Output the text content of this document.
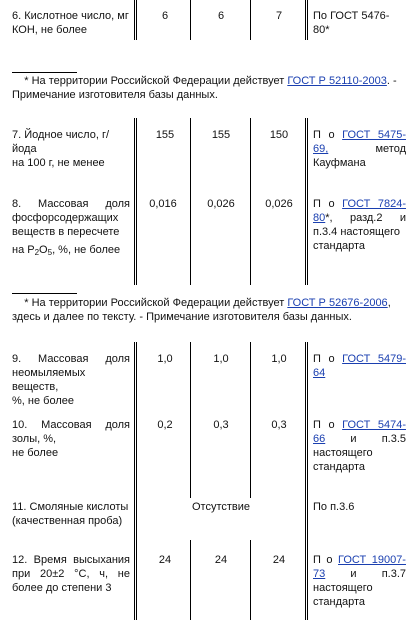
6. Кислотное число, мг
КОН, не более
6	6	7	По ГОСТ 5476-
80*
* На территории Российской Федерации действует ГОСТ Р 52110-2003. -
Примечание изготовителя базы данных.
7. Йодное число, г/йода
на 100 г, не менее
155	155	150	П о ГОСТ 5475-
69,	метод
Кауфмана
8. Массовая доля
фосфорсодержащих
веществ в пересчете
на $P_2O_5$, %, не более
0,016	0,026	0,026	П о ГОСТ 7824-
80*, разд.2 и
п.3.4 настоящего
стандарта
* На территории Российской Федерации действует ГОСТ Р 52676-2006,
здесь и далее по тексту. - Примечание изготовителя базы данных.
9. Массовая доля
неомыляемых веществ,
%, не более
1,0	1,0	1,0	П о ГОСТ 5479-
64
10. Массовая доля
золы, %,
не более
0,2	0,3	0,3	П о ГОСТ 5474-
66 и п.3.5
настоящего
стандарта
11. Смоляные кислоты
(качественная проба)
Отсутствие	По п.3.6
12. Время высыхания
при 20±2 °С, ч, не
более до степени 3
24	24	24	П о ГОСТ 19007-
73 и п.3.7
настоящего
стандарта
